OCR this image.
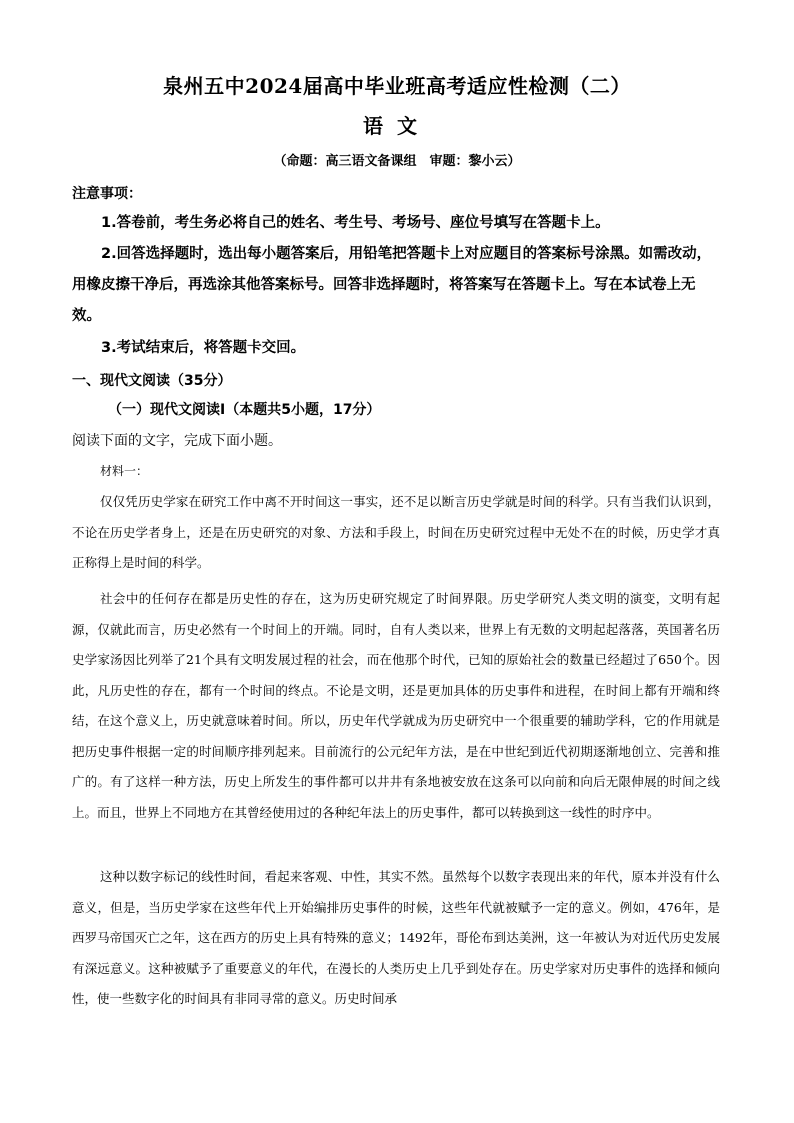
泉州五中2024届高中毕业班高考适应性检测（二）
语文
（命题：高三语文备课组　审题：黎小云）
注意事项：
1.答卷前，考生务必将自己的姓名、考生号、考场号、座位号填写在答题卡上。
2.回答选择题时，选出每小题答案后，用铅笔把答题卡上对应题目的答案标号涂黑。如需改动，用橡皮擦干净后，再选涂其他答案标号。回答非选择题时，将答案写在答题卡上。写在本试卷上无效。
3.考试结束后，将答题卡交回。
一、现代文阅读（35分）
（一）现代文阅读Ⅰ（本题共5小题，17分）
阅读下面的文字，完成下面小题。
材料一：
仅仅凭历史学家在研究工作中离不开时间这一事实，还不足以断言历史学就是时间的科学。只有当我们认识到，不论在历史学者身上，还是在历史研究的对象、方法和手段上，时间在历史研究过程中无处不在的时候，历史学才真正称得上是时间的科学。
社会中的任何存在都是历史性的存在，这为历史研究规定了时间界限。历史学研究人类文明的演变，文明有起源，仅就此而言，历史必然有一个时间上的开端。同时，自有人类以来，世界上有无数的文明起起落落，英国著名历史学家汤因比列举了21个具有文明发展过程的社会，而在他那个时代，已知的原始社会的数量已经超过了650个。因此，凡历史性的存在，都有一个时间的终点。不论是文明，还是更加具体的历史事件和进程，在时间上都有开端和终结，在这个意义上，历史就意味着时间。所以，历史年代学就成为历史研究中一个很重要的辅助学科，它的作用就是把历史事件根据一定的时间顺序排列起来。目前流行的公元纪年方法，是在中世纪到近代初期逐渐地创立、完善和推广的。有了这样一种方法，历史上所发生的事件都可以井井有条地被安放在这条可以向前和向后无限伸展的时间之线上。而且，世界上不同地方在其曾经使用过的各种纪年法上的历史事件，都可以转换到这一线性的时序中。
这种以数字标记的线性时间，看起来客观、中性，其实不然。虽然每个以数字表现出来的年代，原本并没有什么意义，但是，当历史学家在这些年代上开始编排历史事件的时候，这些年代就被赋予一定的意义。例如，476年，是西罗马帝国灭亡之年，这在西方的历史上具有特殊的意义；1492年，哥伦布到达美洲，这一年被认为对近代历史发展有深远意义。这种被赋予了重要意义的年代，在漫长的人类历史上几乎到处存在。历史学家对历史事件的选择和倾向性，使一些数字化的时间具有非同寻常的意义。历史时间承
